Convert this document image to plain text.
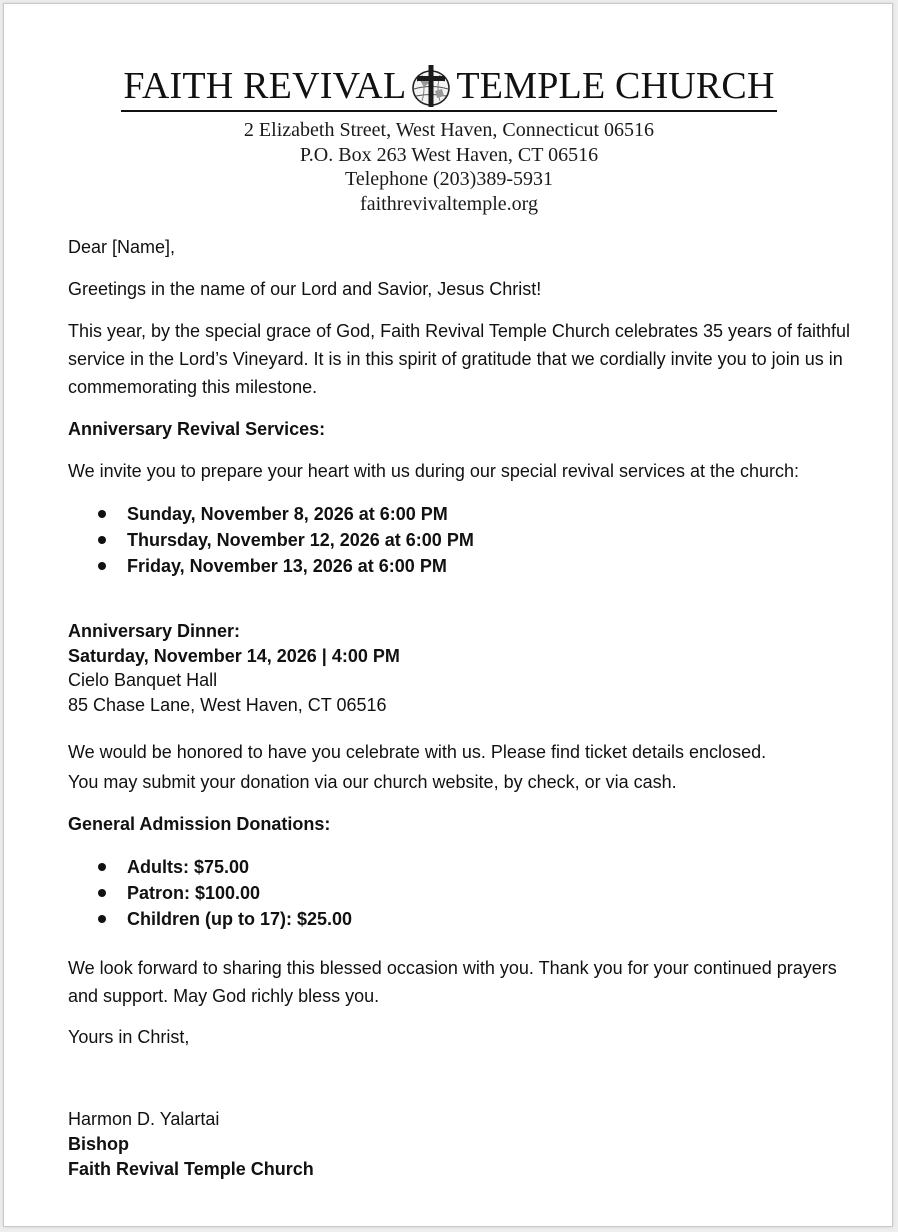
FAITH REVIVAL TEMPLE CHURCH
2 Elizabeth Street, West Haven, Connecticut 06516
P.O. Box 263 West Haven, CT 06516
Telephone (203)389-5931
faithrevivaltemple.org
Dear [Name],
Greetings in the name of our Lord and Savior, Jesus Christ!
This year, by the special grace of God, Faith Revival Temple Church celebrates 35 years of faithful service in the Lord’s Vineyard. It is in this spirit of gratitude that we cordially invite you to join us in commemorating this milestone.
Anniversary Revival Services:
We invite you to prepare your heart with us during our special revival services at the church:
Sunday, November 8, 2026 at 6:00 PM
Thursday, November 12, 2026 at 6:00 PM
Friday, November 13, 2026 at 6:00 PM
Anniversary Dinner:
Saturday, November 14, 2026 | 4:00 PM
Cielo Banquet Hall
85 Chase Lane, West Haven, CT 06516
We would be honored to have you celebrate with us. Please find ticket details enclosed.
You may submit your donation via our church website, by check, or via cash.
General Admission Donations:
Adults: $75.00
Patron: $100.00
Children (up to 17): $25.00
We look forward to sharing this blessed occasion with you. Thank you for your continued prayers and support. May God richly bless you.
Yours in Christ,
Harmon D. Yalartai
Bishop
Faith Revival Temple Church
